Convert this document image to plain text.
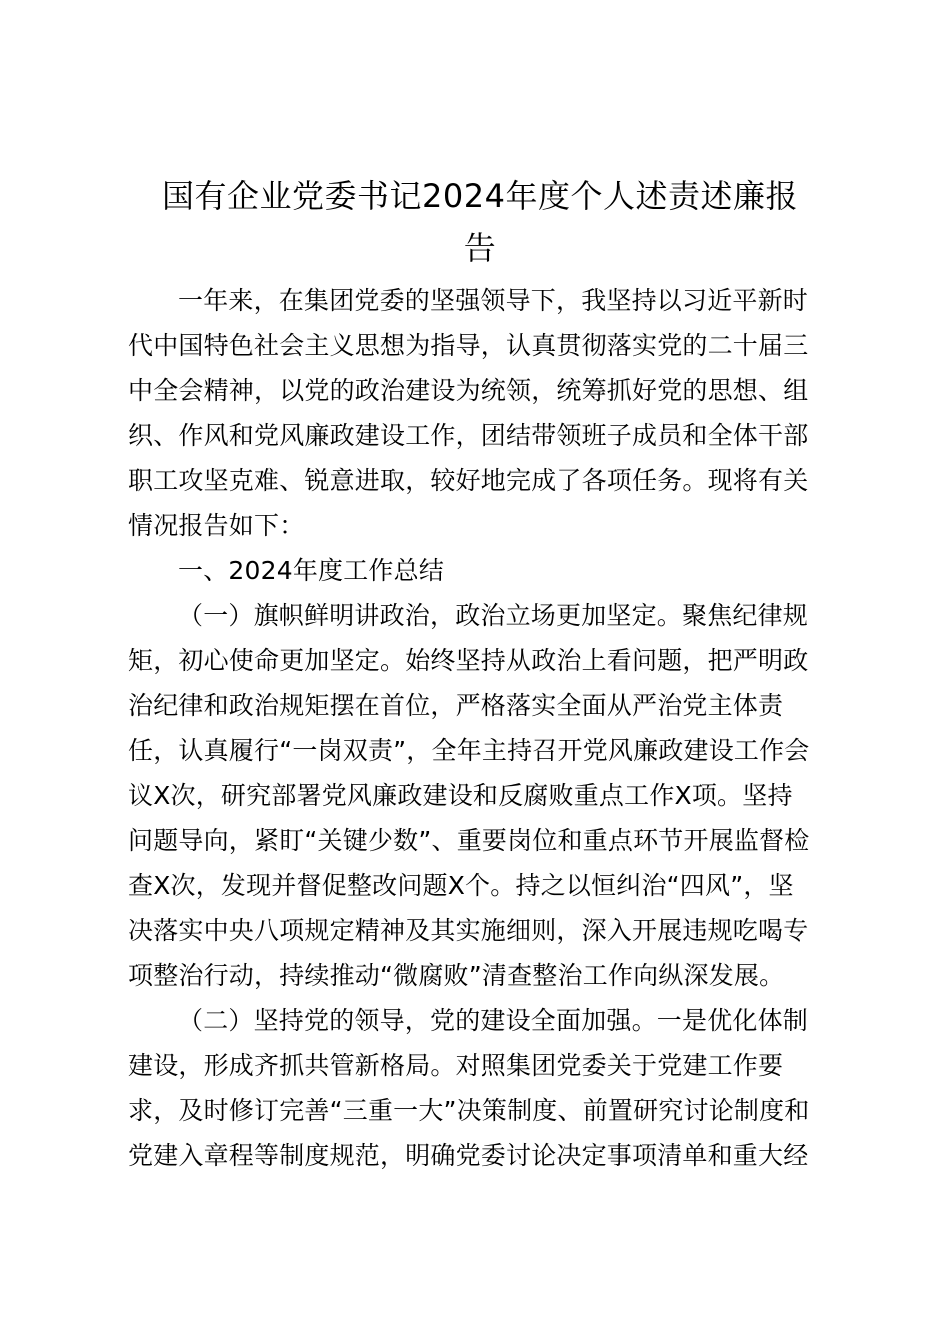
国有企业党委书记2024年度个人述责述廉报
告
一年来，在集团党委的坚强领导下，我坚持以习近平新时
代中国特色社会主义思想为指导，认真贯彻落实党的二十届三
中全会精神，以党的政治建设为统领，统筹抓好党的思想、组
织、作风和党风廉政建设工作，团结带领班子成员和全体干部
职工攻坚克难、锐意进取，较好地完成了各项任务。现将有关
情况报告如下：
一、2024年度工作总结
（一）旗帜鲜明讲政治，政治立场更加坚定。聚焦纪律规
矩，初心使命更加坚定。始终坚持从政治上看问题，把严明政
治纪律和政治规矩摆在首位，严格落实全面从严治党主体责
任，认真履行“一岗双责”，全年主持召开党风廉政建设工作会
议X次，研究部署党风廉政建设和反腐败重点工作X项。坚持
问题导向，紧盯“关键少数”、重要岗位和重点环节开展监督检
查X次，发现并督促整改问题X个。持之以恒纠治“四风”，坚
决落实中央八项规定精神及其实施细则，深入开展违规吃喝专
项整治行动，持续推动“微腐败”清查整治工作向纵深发展。
（二）坚持党的领导，党的建设全面加强。一是优化体制
建设，形成齐抓共管新格局。对照集团党委关于党建工作要
求，及时修订完善“三重一大”决策制度、前置研究讨论制度和
党建入章程等制度规范，明确党委讨论决定事项清单和重大经
